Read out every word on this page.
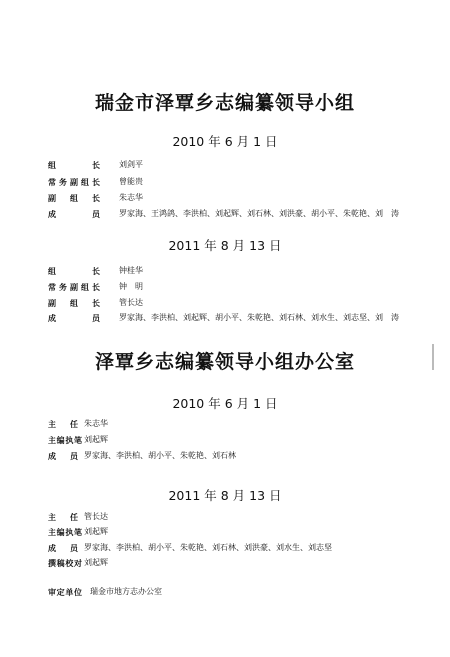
瑞金市泽覃乡志编纂领导小组
2010 年 6 月 1 日
组　长 刘剑平
常务副组长 曾能贵
副组长 朱志华
成　员 罗家海、王鸿鸽、李洪柏、刘起辉、刘石林、刘洪豪、胡小平、朱乾艳、刘　涛
2011 年 8 月 13 日
组　长 钟桂华
常务副组长 钟　明
副组长 管长达
成　员 罗家海、李洪柏、刘起辉、胡小平、朱乾艳、刘石林、刘水生、刘志坚、刘　涛
泽覃乡志编纂领导小组办公室
2010 年 6 月 1 日
主　任 朱志华
主编执笔 刘起辉
成　员 罗家海、李洪柏、胡小平、朱乾艳、刘石林
2011 年 8 月 13 日
主　任 管长达
主编执笔 刘起辉
成　员 罗家海、李洪柏、胡小平、朱乾艳、刘石林、刘洪豪、刘水生、刘志坚
撰稿校对 刘起辉
审定单位 瑞金市地方志办公室
